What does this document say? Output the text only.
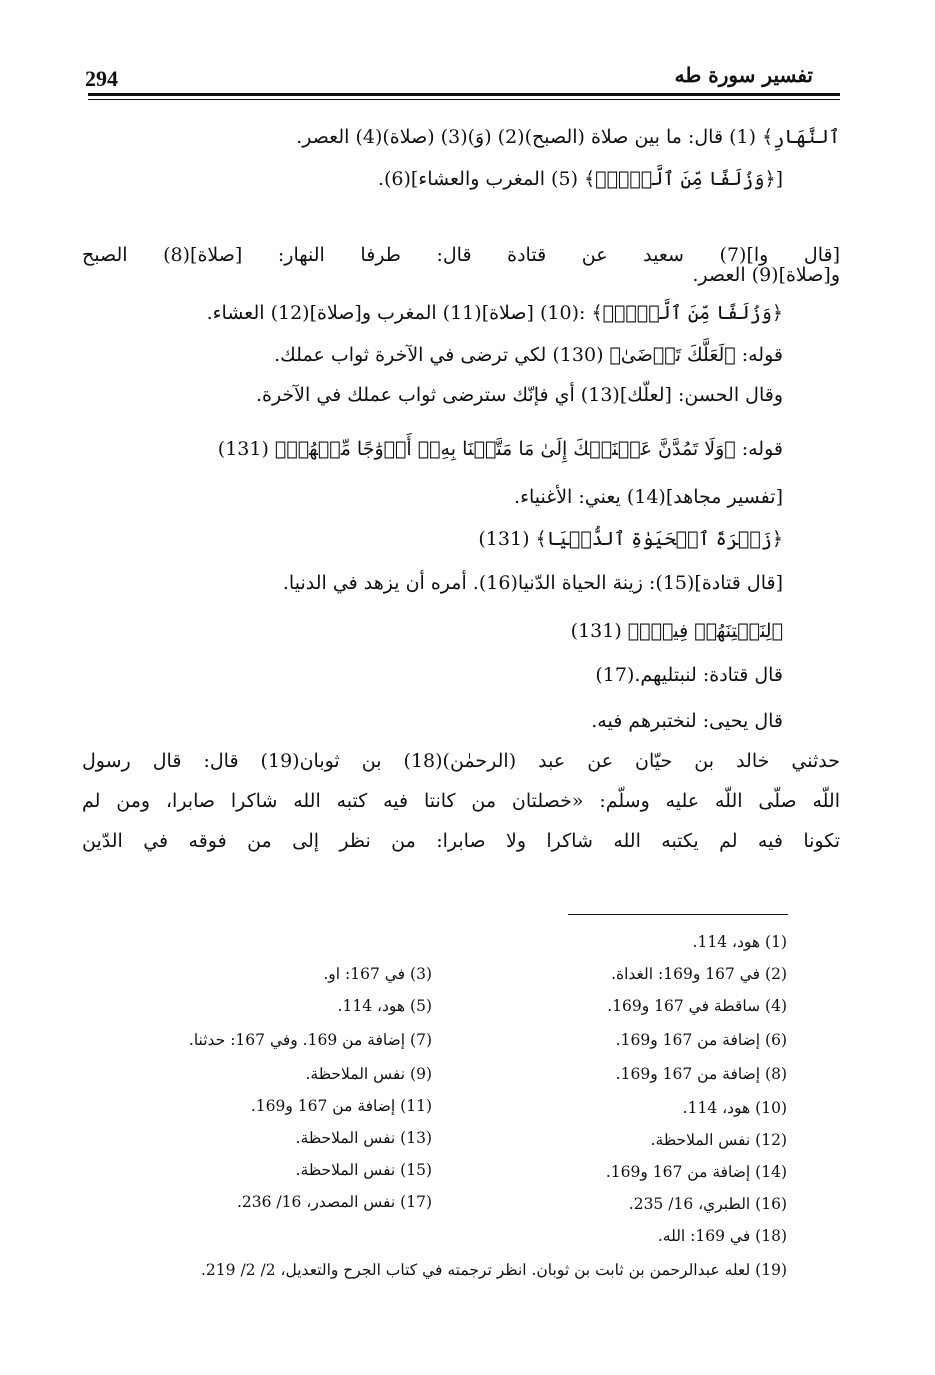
294	تفسير سورة طه
ٱلنَّهَارِ﴾ (1) قال: ما بين صلاة (الصبح)(2) (وَ)(3) (صلاة)(4) العصر.
[﴿وَزُلَفًا مِّنَ ٱلَّيۡلِۚ﴾ (5) المغرب والعشاء](6).
[قال وا](7) سعيد عن قتادة قال: طرفا النهار: [صلاة](8) الصبح
و[صلاة](9) العصر.
﴿وَزُلَفًا مِّنَ ٱلَّيۡلِۚ﴾ :(10) [صلاة](11) المغرب و[صلاة](12) العشاء.
قوله: ﴿لَعَلَّكَ تَرۡضَىٰ﴾ (130) لكي ترضى في الآخرة ثواب عملك.
وقال الحسن: [لعلّك](13) أي فإنّك سترضى ثواب عملك في الآخرة.
قوله: ﴿وَلَا تَمُدَّنَّ عَيۡنَيۡكَ إِلَىٰ مَا مَتَّعۡنَا بِهِۦٓ أَزۡوَٰجًا مِّنۡهُمۡ﴾ (131)
[تفسير مجاهد](14) يعني: الأغنياء.
﴿زَهۡرَةَ ٱلۡحَيَوٰةِ ٱلدُّنۡيَا﴾ (131)
[قال قتادة](15): زينة الحياة الدّنيا(16). أمره أن يزهد في الدنيا.
﴿لِنَفۡتِنَهُمۡ فِيهِۚ﴾ (131)
قال قتادة: لنبتليهم.(17)
قال يحيى: لنختبرهم فيه.
حدثني خالد بن حيّان عن عبد (الرحمٰن)(18) بن ثوبان(19) قال: قال رسول
اللّه صلّى اللّه عليه وسلّم: «خصلتان من كانتا فيه كتبه الله شاكرا صابرا، ومن لم
تكونا فيه لم يكتبه الله شاكرا ولا صابرا: من نظر إلى من فوقه في الدّين
(1) هود، 114.
(2) في 167 و169: الغداة.
(3) في 167: او.
(4) ساقطة في 167 و169.
(5) هود، 114.
(6) إضافة من 167 و169.
(7) إضافة من 169. وفي 167: حدثنا.
(8) إضافة من 167 و169.
(9) نفس الملاحظة.
(10) هود، 114.
(11) إضافة من 167 و169.
(12) نفس الملاحظة.
(13) نفس الملاحظة.
(14) إضافة من 167 و169.
(15) نفس الملاحظة.
(16) الطبري، 16/ 235.
(17) نفس المصدر، 16/ 236.
(18) في 169: الله.
(19) لعله عبدالرحمن بن ثابت بن ثوبان. انظر ترجمته في كتاب الجرح والتعديل، 2/ 2/ 219.
